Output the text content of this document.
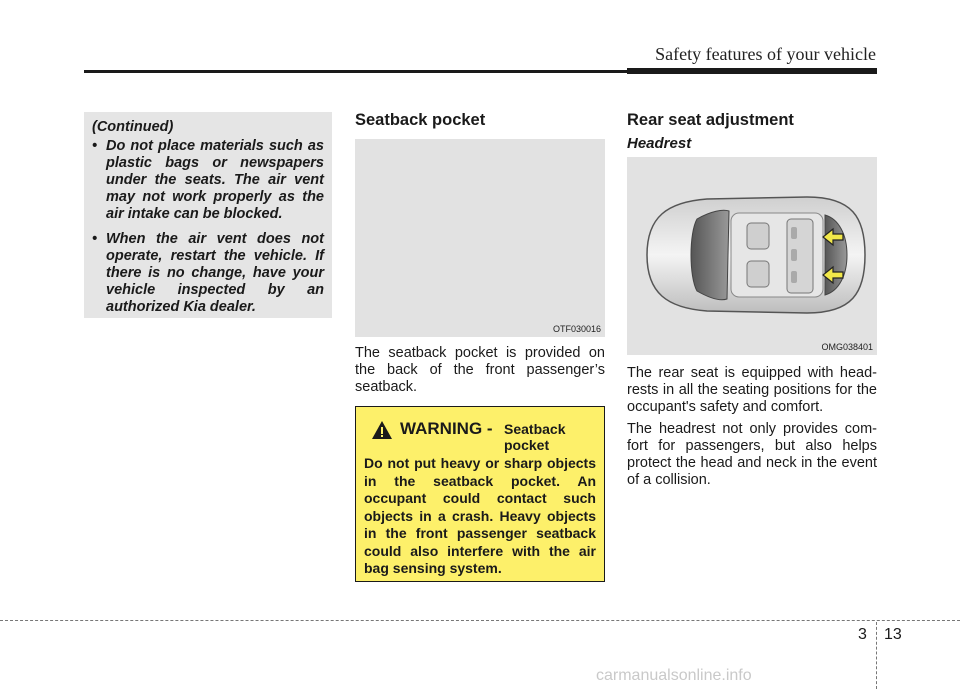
Safety features of your vehicle
(Continued)
• Do not place materials such as plastic bags or newspapers under the seats. The air vent may not work properly as the air intake can be blocked.
• When the air vent does not operate, restart the vehicle. If there is no change, have your vehicle inspected by an authorized Kia dealer.
Seatback pocket
OTF030016
The seatback pocket is provided on the back of the front passenger’s seatback.
WARNING - Seatback pocket
Do not put heavy or sharp objects in the seatback pocket. An occupant could contact such objects in a crash. Heavy objects in the front passenger seatback could also interfere with the air bag sensing system.
Rear seat adjustment
Headrest
OMG038401

The rear seat is equipped with head-rests in all the seating positions for the occupant's safety and comfort.

The headrest not only provides com-fort for passengers, but also helps protect the head and neck in the event of a collision.

3 13
carmanualsonline.info
